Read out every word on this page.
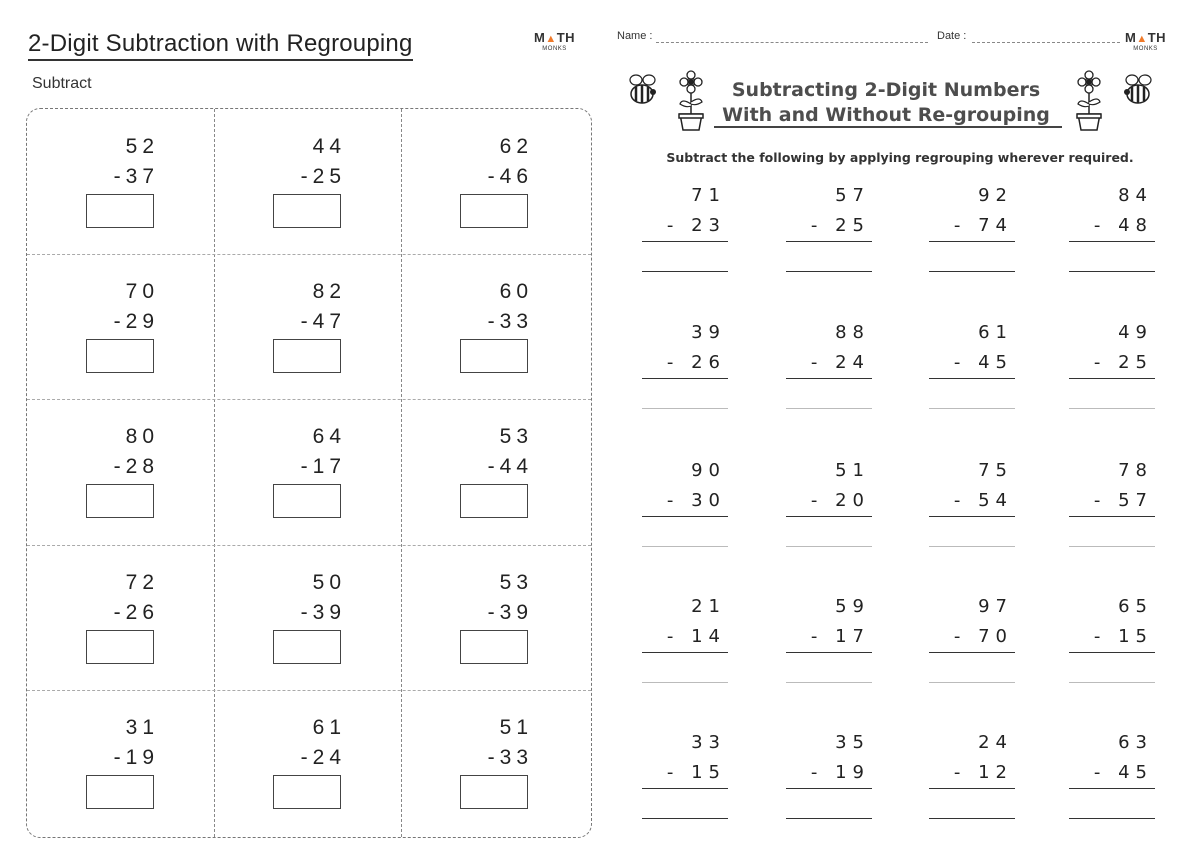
2-Digit Subtraction with Regrouping	M▲TH
MONKS
Subtract
52
-37
44
-25
62
-46
70
-29
82
-47
60
-33
80
-28
64
-17
53
-44
72
-26
50
-39
53
-39
31
-19
61
-24
51
-33
Name :	Date :	M▲TH
MONKS
Subtracting 2-Digit Numbers
With and Without Re-grouping
Subtract the following by applying regrouping wherever required.
71
- 23
57
- 25
92
- 74
84
- 48
39
- 26
88
- 24
61
- 45
49
- 25
90
- 30
51
- 20
75
- 54
78
- 57
21
- 14
59
- 17
97
- 70
65
- 15
33
- 15
35
- 19
24
- 12
63
- 45
